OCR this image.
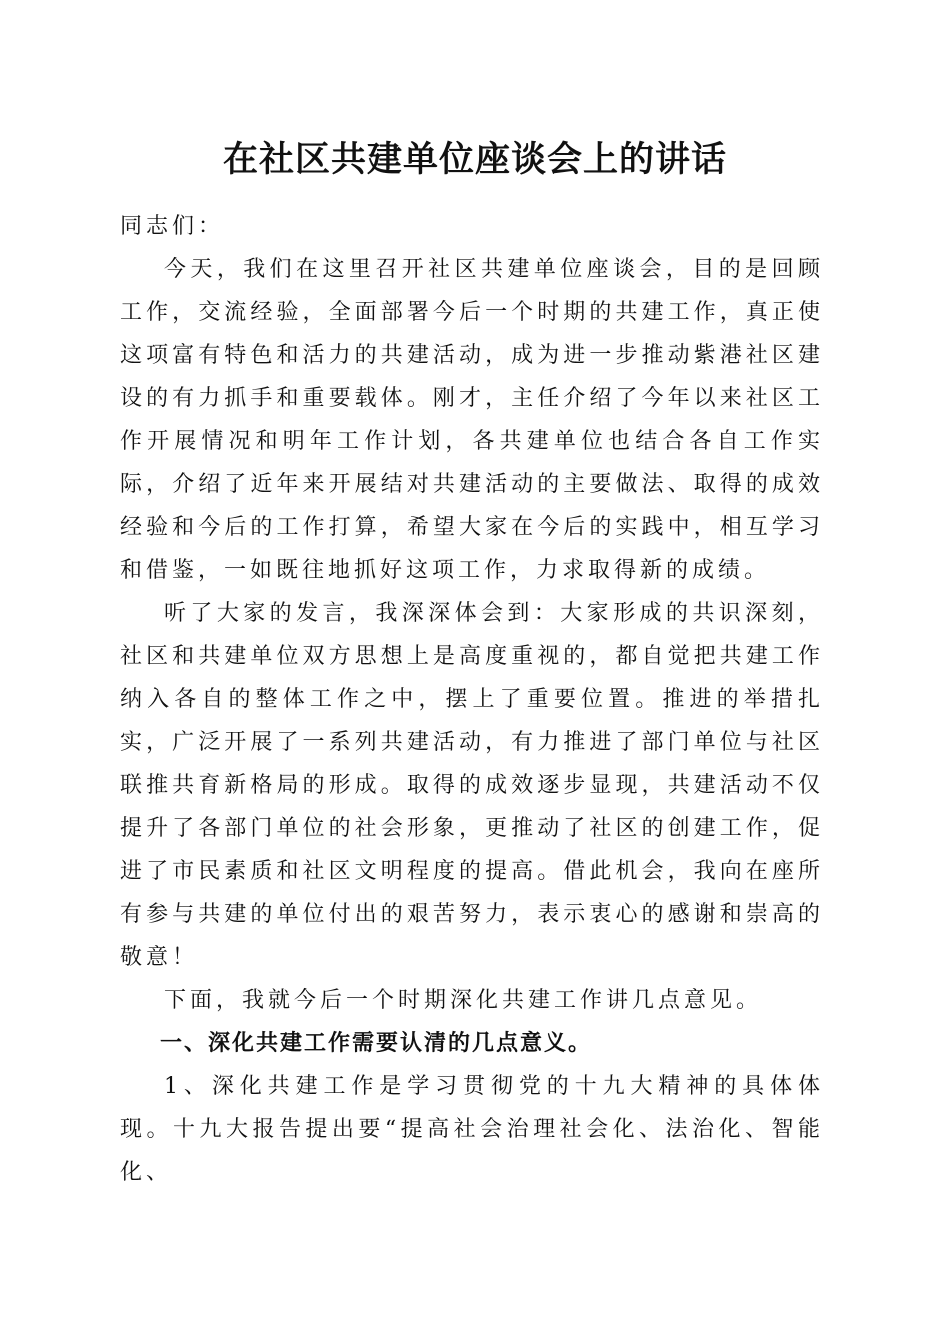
在社区共建单位座谈会上的讲话

同志们：

今天，我们在这里召开社区共建单位座谈会，目的是回顾工作，交流经验，全面部署今后一个时期的共建工作，真正使这项富有特色和活力的共建活动，成为进一步推动紫港社区建设的有力抓手和重要载体。刚才，主任介绍了今年以来社区工作开展情况和明年工作计划，各共建单位也结合各自工作实际，介绍了近年来开展结对共建活动的主要做法、取得的成效经验和今后的工作打算，希望大家在今后的实践中，相互学习和借鉴，一如既往地抓好这项工作，力求取得新的成绩。

听了大家的发言，我深深体会到：大家形成的共识深刻，社区和共建单位双方思想上是高度重视的，都自觉把共建工作纳入各自的整体工作之中，摆上了重要位置。推进的举措扎实，广泛开展了一系列共建活动，有力推进了部门单位与社区联推共育新格局的形成。取得的成效逐步显现，共建活动不仅提升了各部门单位的社会形象，更推动了社区的创建工作，促进了市民素质和社区文明程度的提高。借此机会，我向在座所有参与共建的单位付出的艰苦努力，表示衷心的感谢和崇高的敬意！

下面，我就今后一个时期深化共建工作讲几点意见。

一、深化共建工作需要认清的几点意义。

1、深化共建工作是学习贯彻党的十九大精神的具体体现。十九大报告提出要“提高社会治理社会化、法治化、智能化、
